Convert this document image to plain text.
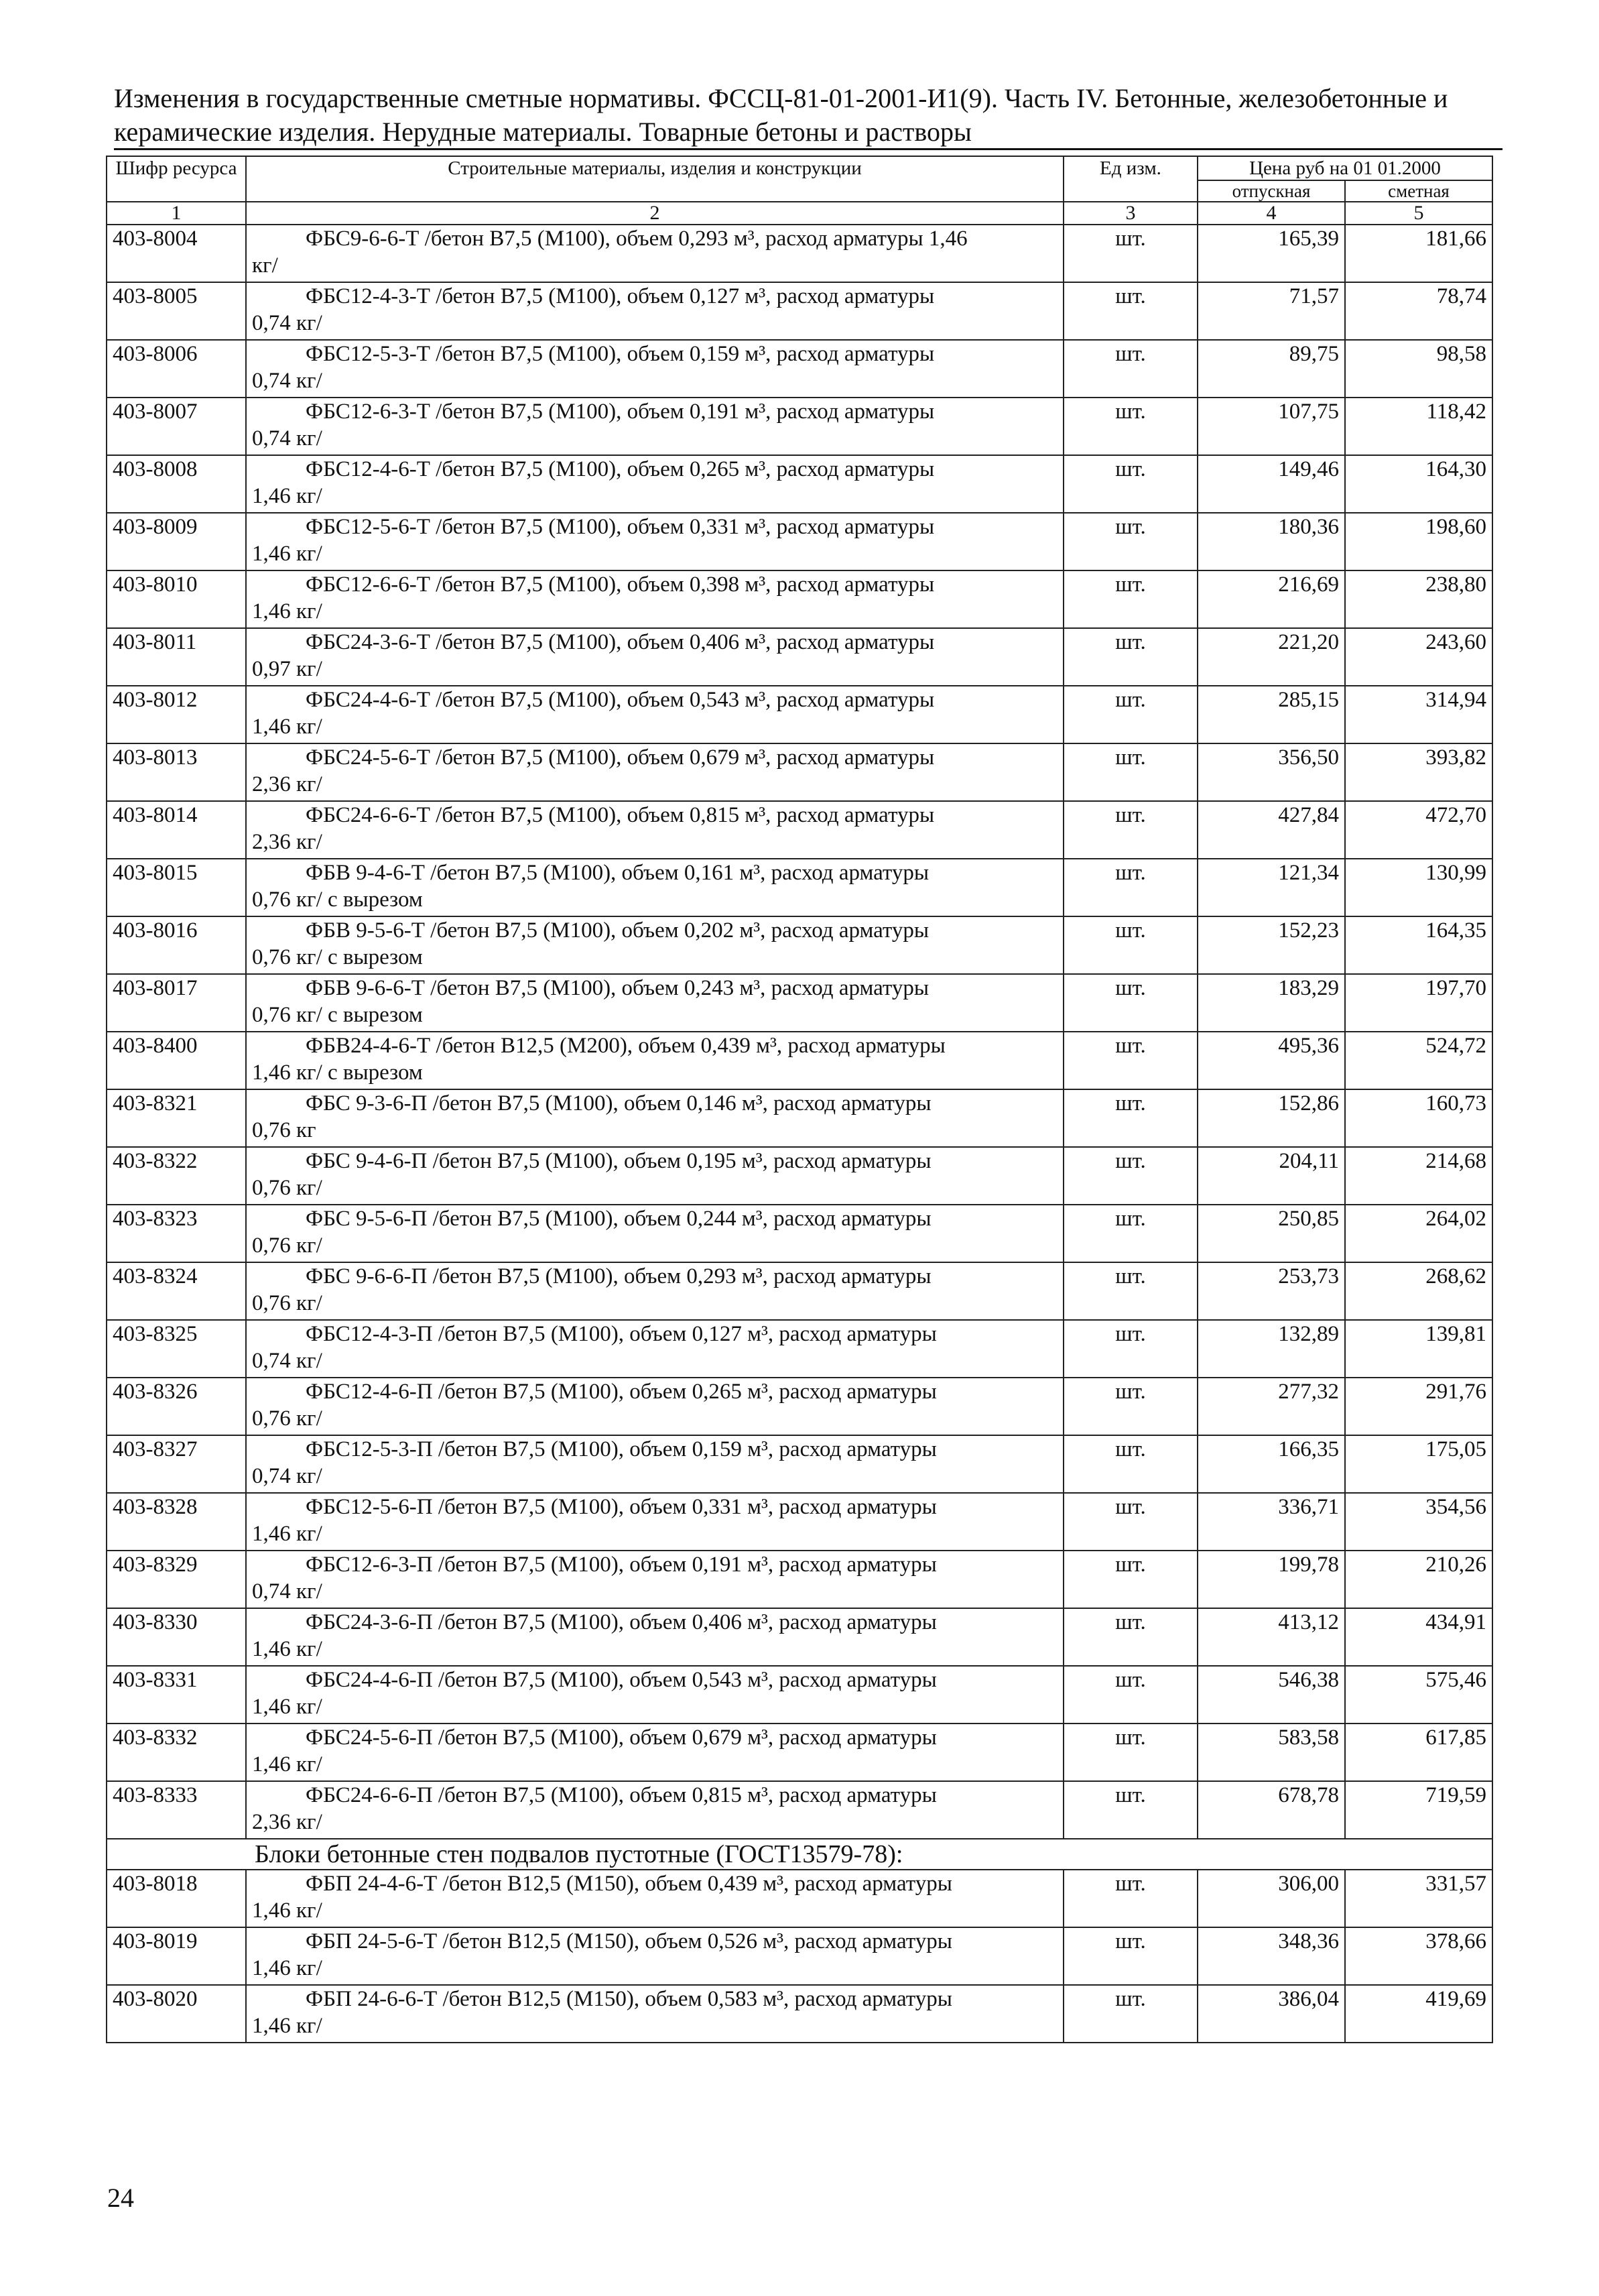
Изменения в государственные сметные нормативы. ФССЦ-81-01-2001-И1(9). Часть IV. Бетонные, железобетонные и
керамические изделия. Нерудные материалы. Товарные бетоны и растворы
Шифр ресурса	Строительные материалы, изделия и конструкции	Ед изм.	Цена руб на 01 01.2000	
			отпускная	сметная
1	2	3	4	5
403-8004	ФБС9-6-6-Т /бетон В7,5 (М100), объем 0,293 м³, расход арматуры 1,46
кг/	шт.	165,39	181,66
403-8005	ФБС12-4-3-Т /бетон В7,5 (М100), объем 0,127 м³, расход арматуры
0,74 кг/	шт.	71,57	78,74
403-8006	ФБС12-5-3-Т /бетон В7,5 (М100), объем 0,159 м³, расход арматуры
0,74 кг/	шт.	89,75	98,58
403-8007	ФБС12-6-3-Т /бетон В7,5 (М100), объем 0,191 м³, расход арматуры
0,74 кг/	шт.	107,75	118,42
403-8008	ФБС12-4-6-Т /бетон В7,5 (М100), объем 0,265 м³, расход арматуры
1,46 кг/	шт.	149,46	164,30
403-8009	ФБС12-5-6-Т /бетон В7,5 (М100), объем 0,331 м³, расход арматуры
1,46 кг/	шт.	180,36	198,60
403-8010	ФБС12-6-6-Т /бетон В7,5 (М100), объем 0,398 м³, расход арматуры
1,46 кг/	шт.	216,69	238,80
403-8011	ФБС24-3-6-Т /бетон В7,5 (М100), объем 0,406 м³, расход арматуры
0,97 кг/	шт.	221,20	243,60
403-8012	ФБС24-4-6-Т /бетон В7,5 (М100), объем 0,543 м³, расход арматуры
1,46 кг/	шт.	285,15	314,94
403-8013	ФБС24-5-6-Т /бетон В7,5 (М100), объем 0,679 м³, расход арматуры
2,36 кг/	шт.	356,50	393,82
403-8014	ФБС24-6-6-Т /бетон В7,5 (М100), объем 0,815 м³, расход арматуры
2,36 кг/	шт.	427,84	472,70
403-8015	ФБВ 9-4-6-Т /бетон В7,5 (М100), объем 0,161 м³, расход арматуры
0,76 кг/ с вырезом	шт.	121,34	130,99
403-8016	ФБВ 9-5-6-Т /бетон В7,5 (М100), объем 0,202 м³, расход арматуры
0,76 кг/ с вырезом	шт.	152,23	164,35
403-8017	ФБВ 9-6-6-Т /бетон В7,5 (М100), объем 0,243 м³, расход арматуры
0,76 кг/ с вырезом	шт.	183,29	197,70
403-8400	ФБВ24-4-6-Т /бетон В12,5 (М200), объем 0,439 м³, расход арматуры
1,46 кг/ с вырезом	шт.	495,36	524,72
403-8321	ФБС 9-3-6-П /бетон В7,5 (М100), объем 0,146 м³, расход арматуры
0,76 кг	шт.	152,86	160,73
403-8322	ФБС 9-4-6-П /бетон В7,5 (М100), объем 0,195 м³, расход арматуры
0,76 кг/	шт.	204,11	214,68
403-8323	ФБС 9-5-6-П /бетон В7,5 (М100), объем 0,244 м³, расход арматуры
0,76 кг/	шт.	250,85	264,02
403-8324	ФБС 9-6-6-П /бетон В7,5 (М100), объем 0,293 м³, расход арматуры
0,76 кг/	шт.	253,73	268,62
403-8325	ФБС12-4-3-П /бетон В7,5 (М100), объем 0,127 м³, расход арматуры
0,74 кг/	шт.	132,89	139,81
403-8326	ФБС12-4-6-П /бетон В7,5 (М100), объем 0,265 м³, расход арматуры
0,76 кг/	шт.	277,32	291,76
403-8327	ФБС12-5-3-П /бетон В7,5 (М100), объем 0,159 м³, расход арматуры
0,74 кг/	шт.	166,35	175,05
403-8328	ФБС12-5-6-П /бетон В7,5 (М100), объем 0,331 м³, расход арматуры
1,46 кг/	шт.	336,71	354,56
403-8329	ФБС12-6-3-П /бетон В7,5 (М100), объем 0,191 м³, расход арматуры
0,74 кг/	шт.	199,78	210,26
403-8330	ФБС24-3-6-П /бетон В7,5 (М100), объем 0,406 м³, расход арматуры
1,46 кг/	шт.	413,12	434,91
403-8331	ФБС24-4-6-П /бетон В7,5 (М100), объем 0,543 м³, расход арматуры
1,46 кг/	шт.	546,38	575,46
403-8332	ФБС24-5-6-П /бетон В7,5 (М100), объем 0,679 м³, расход арматуры
1,46 кг/	шт.	583,58	617,85
403-8333	ФБС24-6-6-П /бетон В7,5 (М100), объем 0,815 м³, расход арматуры
2,36 кг/	шт.	678,78	719,59
Блоки бетонные стен подвалов пустотные (ГОСТ13579-78):				
403-8018	ФБП 24-4-6-Т /бетон В12,5 (М150), объем 0,439 м³, расход арматуры
1,46 кг/	шт.	306,00	331,57
403-8019	ФБП 24-5-6-Т /бетон В12,5 (М150), объем 0,526 м³, расход арматуры
1,46 кг/	шт.	348,36	378,66
403-8020	ФБП 24-6-6-Т /бетон В12,5 (М150), объем 0,583 м³, расход арматуры
1,46 кг/	шт.	386,04	419,69
24
